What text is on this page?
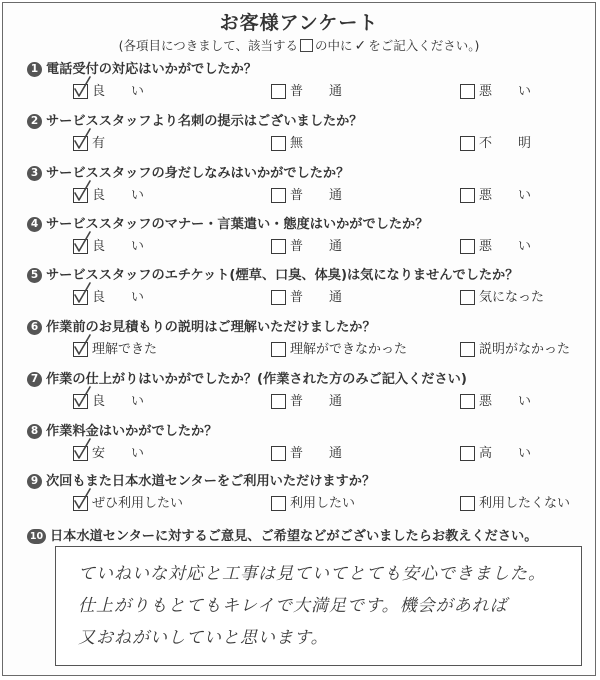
お客様アンケート
(各項目につきまして、該当する の中に ✓ をご記入ください。)
1 電話受付の対応はいかがでしたか？
良　　い	普　　通	悪　　い
2 サービススタッフより名刺の提示はございましたか？
有	無	不　　明
3 サービススタッフの身だしなみはいかがでしたか？
良　　い	普　　通	悪　　い
4 サービススタッフのマナー・言葉遣い・態度はいかがでしたか？
良　　い	普　　通	悪　　い
5 サービススタッフのエチケット(煙草、口臭、体臭)は気になりませんでしたか？
良　　い	普　　通	気になった
6 作業前のお見積もりの説明はご理解いただけましたか？
理解できた	理解ができなかった	説明がなかった
7 作業の仕上がりはいかがでしたか？(作業された方のみご記入ください)
良　　い	普　　通	悪　　い
8 作業料金はいかがでしたか？
安　　い	普　　通	高　　い
9 次回もまた日本水道センターをご利用いただけますか？
ぜひ利用したい	利用したい	利用したくない
10 日本水道センターに対するご意見、ご希望などがございましたらお教えください。
ていねいな対応と工事は見ていてとても安心できました。
仕上がりもとてもキレイで大満足です。機会があれば
又おねがいしていと思います。
